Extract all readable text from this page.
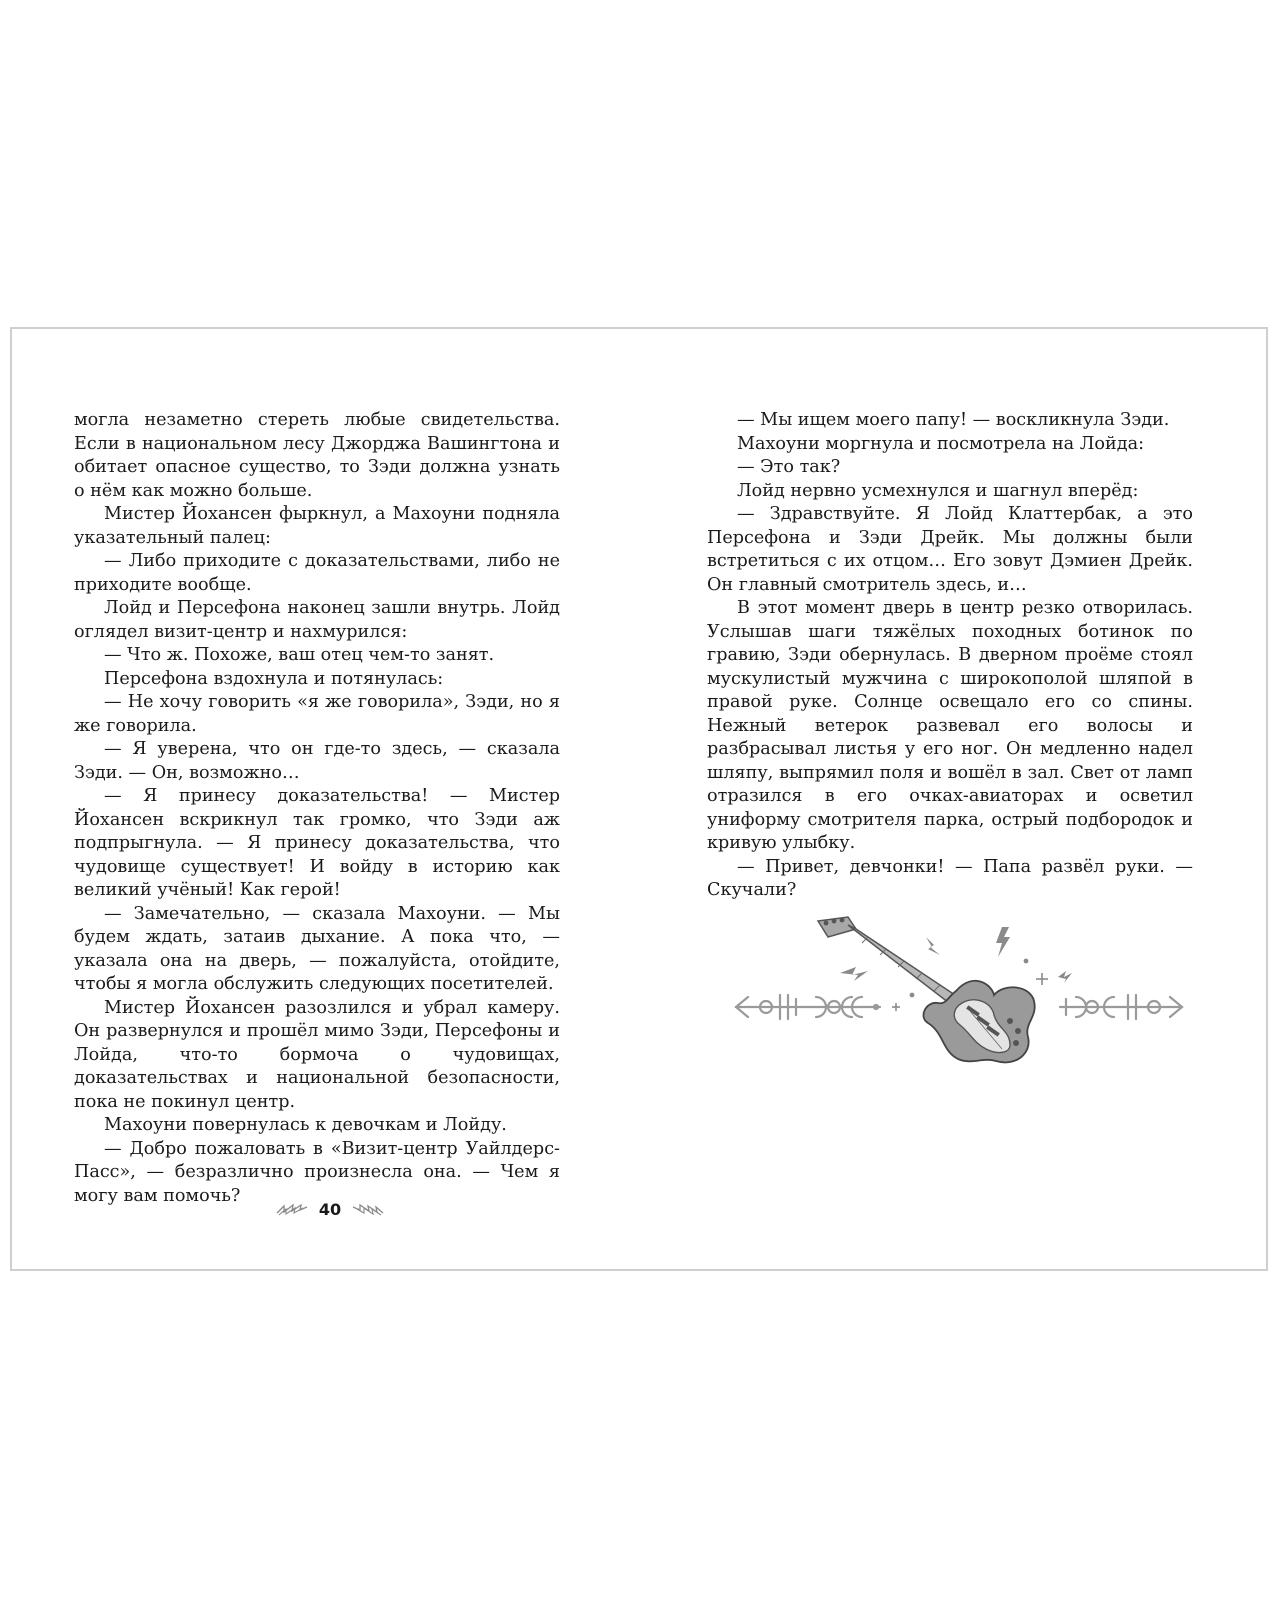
могла незаметно стереть любые свидетельства. Если в национальном лесу Джорджа Вашингтона и обитает опасное существо, то Зэди должна узнать о нём как можно больше.

Мистер Йохансен фыркнул, а Махоуни подняла указательный палец:

— Либо приходите с доказательствами, либо не приходите вообще.

Лойд и Персефона наконец зашли внутрь. Лойд оглядел визит-центр и нахмурился:

— Что ж. Похоже, ваш отец чем-то занят.

Персефона вздохнула и потянулась:

— Не хочу говорить «я же говорила», Зэди, но я же говорила.

— Я уверена, что он где-то здесь, — сказала Зэди. — Он, возможно…

— Я принесу доказательства! — Мистер Йохансен вскрикнул так громко, что Зэди аж подпрыгнула. — Я принесу доказательства, что чудовище существует! И войду в историю как великий учёный! Как герой!

— Замечательно, — сказала Махоуни. — Мы будем ждать, затаив дыхание. А пока что, — указала она на дверь, — пожалуйста, отойдите, чтобы я могла обслужить следующих посетителей.

Мистер Йохансен разозлился и убрал камеру. Он развернулся и прошёл мимо Зэди, Персефоны и Лойда, что-то бормоча о чудовищах, доказательствах и национальной безопасности, пока не покинул центр.

Махоуни повернулась к девочкам и Лойду.

— Добро пожаловать в «Визит-центр Уайлдерс-Пасс», — безразлично произнесла она. — Чем я могу вам помочь?

40

— Мы ищем моего папу! — воскликнула Зэди.

Махоуни моргнула и посмотрела на Лойда:

— Это так?

Лойд нервно усмехнулся и шагнул вперёд:

— Здравствуйте. Я Лойд Клаттербак, а это Персефона и Зэди Дрейк. Мы должны были встретиться с их отцом… Его зовут Дэмиен Дрейк. Он главный смотритель здесь, и…

В этот момент дверь в центр резко отворилась. Услышав шаги тяжёлых походных ботинок по гравию, Зэди обернулась. В дверном проёме стоял мускулистый мужчина с широкополой шляпой в правой руке. Солнце освещало его со спины. Нежный ветерок развевал его волосы и разбрасывал листья у его ног. Он медленно надел шляпу, выпрямил поля и вошёл в зал. Свет от ламп отразился в его очках-авиаторах и осветил униформу смотрителя парка, острый подбородок и кривую улыбку.

— Привет, девчонки! — Папа развёл руки. — Скучали?
